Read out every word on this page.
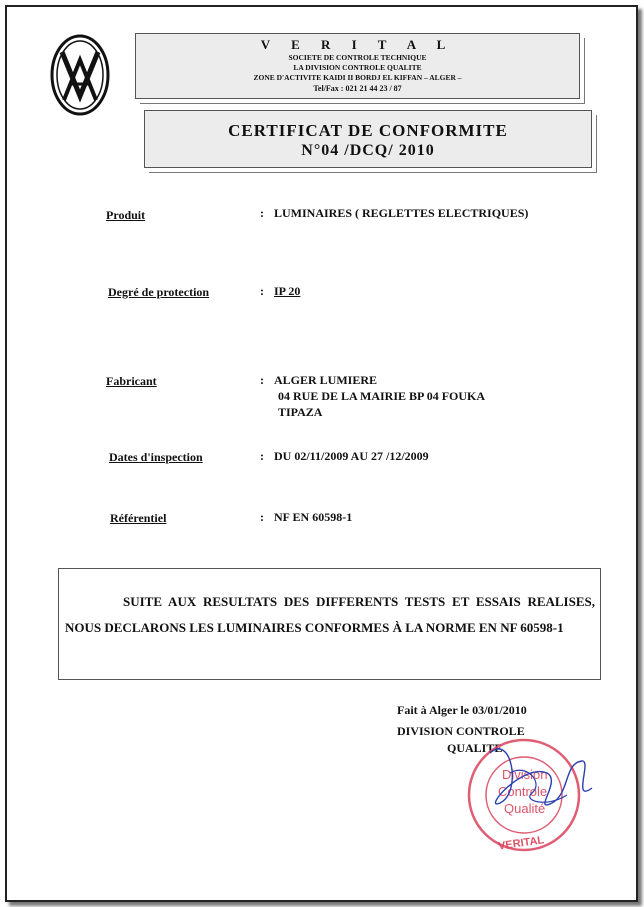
V E R I T A L
SOCIETE DE CONTROLE TECHNIQUE
LA DIVISION CONTROLE QUALITE
ZONE D'ACTIVITE KAIDI II BORDJ EL KIFFAN – ALGER –
Tel/Fax : 021 21 44 23 / 87
CERTIFICAT DE CONFORMITE
N°04 /DCQ/ 2010
Produit	: LUMINAIRES ( REGLETTES ELECTRIQUES)
Degré de protection	: IP 20
Fabricant	: ALGER LUMIERE
04 RUE DE LA MAIRIE BP 04 FOUKA
TIPAZA
Dates d'inspection	: DU 02/11/2009 AU 27 /12/2009
Référentiel	: NF EN 60598-1
SUITE AUX RESULTATS DES DIFFERENTS TESTS ET ESSAIS REALISES, NOUS DECLARONS LES LUMINAIRES CONFORMES À LA NORME EN NF 60598-1
Fait à Alger le 03/01/2010
DIVISION CONTROLE
QUALITE
Division
Controle
Qualité
VERITAL
